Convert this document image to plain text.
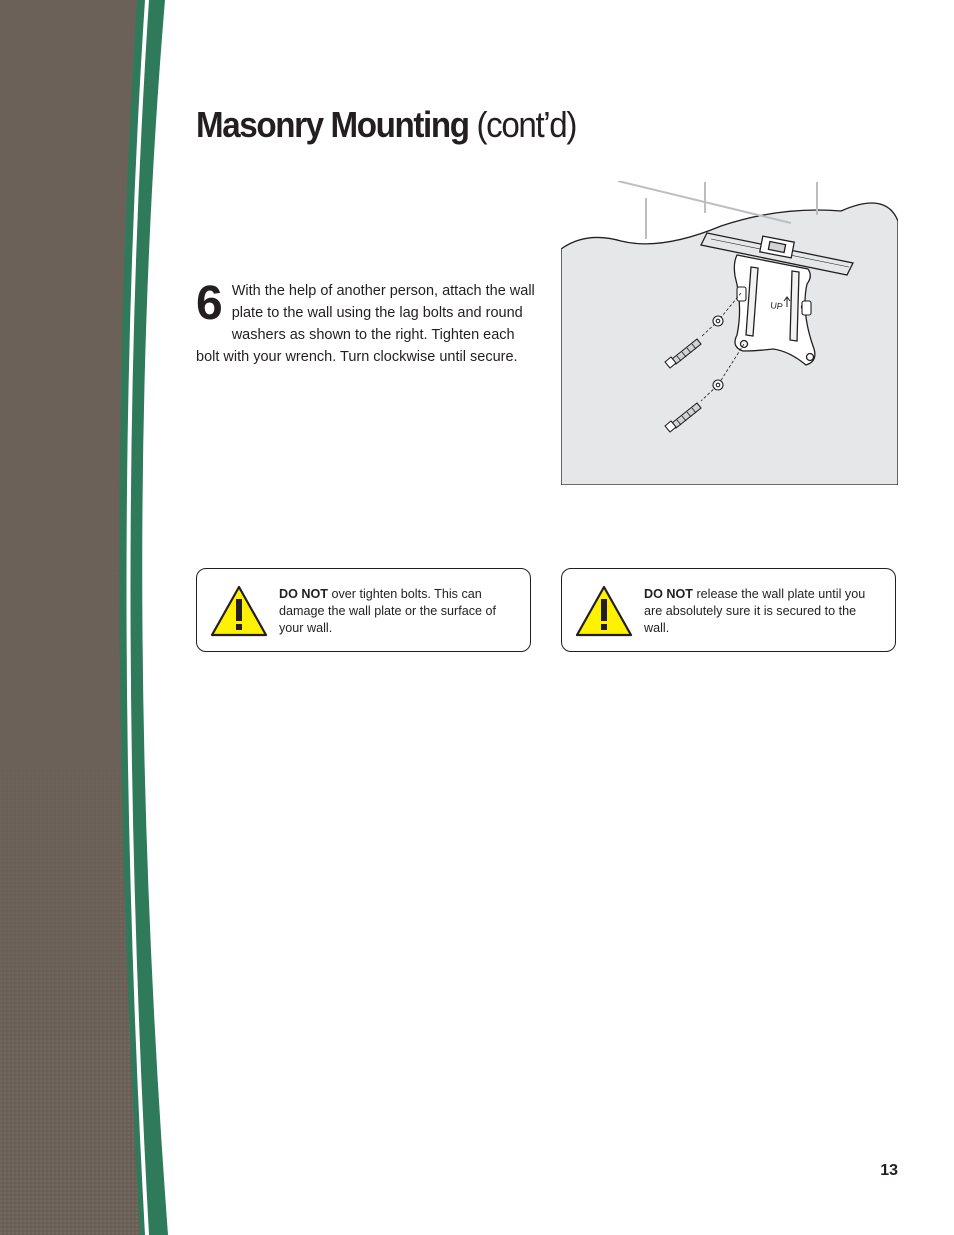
Masonry Mounting (cont’d)
6 With the help of another person, attach the wall plate to the wall using the lag bolts and round washers as shown to the right. Tighten each bolt with your wrench. Turn clockwise until secure.
UP
DO NOT over tighten bolts. This can damage the wall plate or the surface of your wall.
DO NOT release the wall plate until you are absolutely sure it is secured to the wall.
13
